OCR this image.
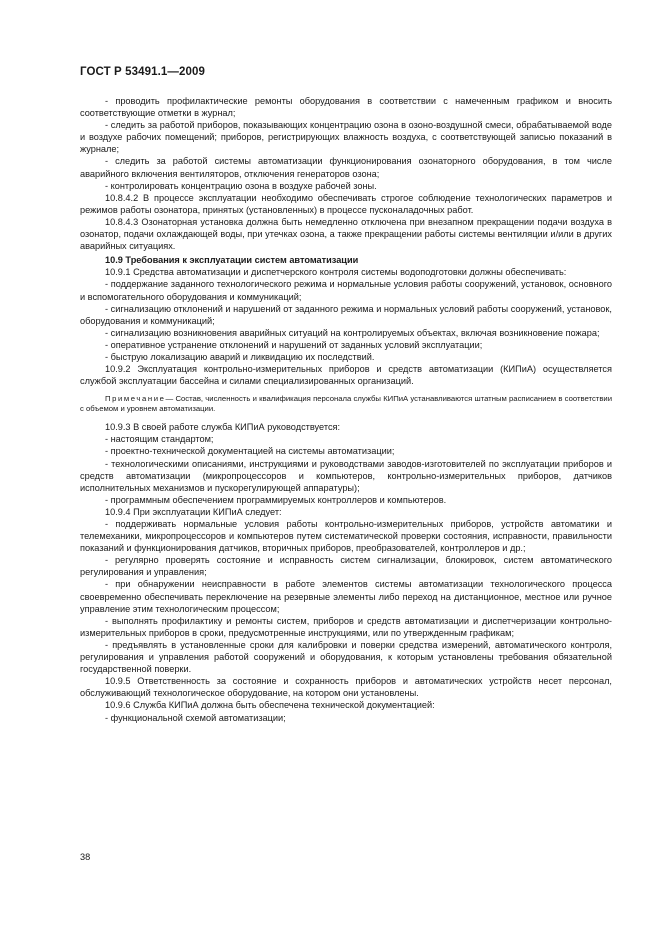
ГОСТ Р 53491.1—2009

- проводить профилактические ремонты оборудования в соответствии с намеченным графиком и вносить соответствующие отметки в журнал;

- следить за работой приборов, показывающих концентрацию озона в озоно-воздушной смеси, обрабатываемой воде и воздухе рабочих помещений; приборов, регистрирующих влажность воздуха, с соответствующей записью показаний в журнале;

- следить за работой системы автоматизации функционирования озонаторного оборудования, в том числе аварийного включения вентиляторов, отключения генераторов озона;

- контролировать концентрацию озона в воздухе рабочей зоны.

10.8.4.2 В процессе эксплуатации необходимо обеспечивать строгое соблюдение технологических параметров и режимов работы озонатора, принятых (установленных) в процессе пусконаладочных работ.

10.8.4.3 Озонаторная установка должна быть немедленно отключена при внезапном прекращении подачи воздуха в озонатор, подачи охлаждающей воды, при утечках озона, а также прекращении работы системы вентиляции и/или в других аварийных ситуациях.

10.9 Требования к эксплуатации систем автоматизации

10.9.1 Средства автоматизации и диспетчерского контроля системы водоподготовки должны обеспечивать:

- поддержание заданного технологического режима и нормальные условия работы сооружений, установок, основного и вспомогательного оборудования и коммуникаций;

- сигнализацию отклонений и нарушений от заданного режима и нормальных условий работы сооружений, установок, оборудования и коммуникаций;

- сигнализацию возникновения аварийных ситуаций на контролируемых объектах, включая возникновение пожара;

- оперативное устранение отклонений и нарушений от заданных условий эксплуатации;

- быструю локализацию аварий и ликвидацию их последствий.

10.9.2 Эксплуатация контрольно-измерительных приборов и средств автоматизации (КИПиА) осуществляется службой эксплуатации бассейна и силами специализированных организаций.

Примечание— Состав, численность и квалификация персонала службы КИПиА устанавливаются штатным расписанием в соответствии с объемом и уровнем автоматизации.

10.9.3 В своей работе служба КИПиА руководствуется:

- настоящим стандартом;

- проектно-технической документацией на системы автоматизации;

- технологическими описаниями, инструкциями и руководствами заводов-изготовителей по эксплуатации приборов и средств автоматизации (микропроцессоров и компьютеров, контрольно-измерительных приборов, датчиков исполнительных механизмов и пускорегулирующей аппаратуры);

- программным обеспечением программируемых контроллеров и компьютеров.

10.9.4 При эксплуатации КИПиА следует:

- поддерживать нормальные условия работы контрольно-измерительных приборов, устройств автоматики и телемеханики, микропроцессоров и компьютеров путем систематической проверки состояния, исправности, правильности показаний и функционирования датчиков, вторичных приборов, преобразователей, контроллеров и др.;

- регулярно проверять состояние и исправность систем сигнализации, блокировок, систем автоматического регулирования и управления;

- при обнаружении неисправности в работе элементов системы автоматизации технологического процесса своевременно обеспечивать переключение на резервные элементы либо переход на дистанционное, местное или ручное управление этим технологическим процессом;

- выполнять профилактику и ремонты систем, приборов и средств автоматизации и диспетчеризации контрольно-измерительных приборов в сроки, предусмотренные инструкциями, или по утвержденным графикам;

- предъявлять в установленные сроки для калибровки и поверки средства измерений, автоматического контроля, регулирования и управления работой сооружений и оборудования, к которым установлены требования обязательной государственной поверки.

10.9.5 Ответственность за состояние и сохранность приборов и автоматических устройств несет персонал, обслуживающий технологическое оборудование, на котором они установлены.

10.9.6 Служба КИПиА должна быть обеспечена технической документацией:

- функциональной схемой автоматизации;

38
